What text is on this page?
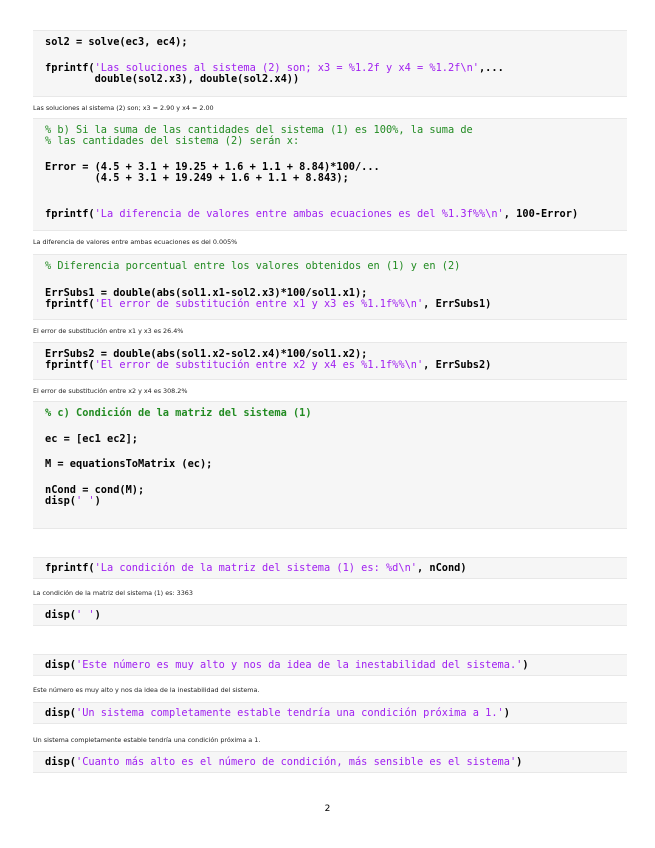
sol2 = solve(ec3, ec4);

fprintf('Las soluciones al sistema (2) son; x3 = %1.2f y x4 = %1.2f\n',...

double(sol2.x3), double(sol2.x4))

Las soluciones al sistema (2) son; x3 = 2.90 y x4 = 2.00

% b) Si la suma de las cantidades del sistema (1) es 100%, la suma de

% las cantidades del sistema (2) serán x:

Error = (4.5 + 3.1 + 19.25 + 1.6 + 1.1 + 8.84)*100/...

(4.5 + 3.1 + 19.249 + 1.6 + 1.1 + 8.843);

fprintf('La diferencia de valores entre ambas ecuaciones es del %1.3f%%\n', 100-Error)

La diferencia de valores entre ambas ecuaciones es del 0.005%

% Diferencia porcentual entre los valores obtenidos en (1) y en (2)

ErrSubs1 = double(abs(sol1.x1-sol2.x3)*100/sol1.x1);

fprintf('El error de substitución entre x1 y x3 es %1.1f%%\n', ErrSubs1)

El error de substitución entre x1 y x3 es 26.4%

ErrSubs2 = double(abs(sol1.x2-sol2.x4)*100/sol1.x2);

fprintf('El error de substitución entre x2 y x4 es %1.1f%%\n', ErrSubs2)

El error de substitución entre x2 y x4 es 308.2%

% c) Condición de la matriz del sistema (1)

ec = [ec1 ec2];

M = equationsToMatrix (ec);

nCond = cond(M);

disp(' ')

fprintf('La condición de la matriz del sistema (1) es: %d\n', nCond)

La condición de la matriz del sistema (1) es: 3363

disp(' ')

disp('Este número es muy alto y nos da idea de la inestabilidad del sistema.')

Este número es muy alto y nos da idea de la inestabilidad del sistema.

disp('Un sistema completamente estable tendría una condición próxima a 1.')

Un sistema completamente estable tendría una condición próxima a 1.

disp('Cuanto más alto es el número de condición, más sensible es el sistema')

2
